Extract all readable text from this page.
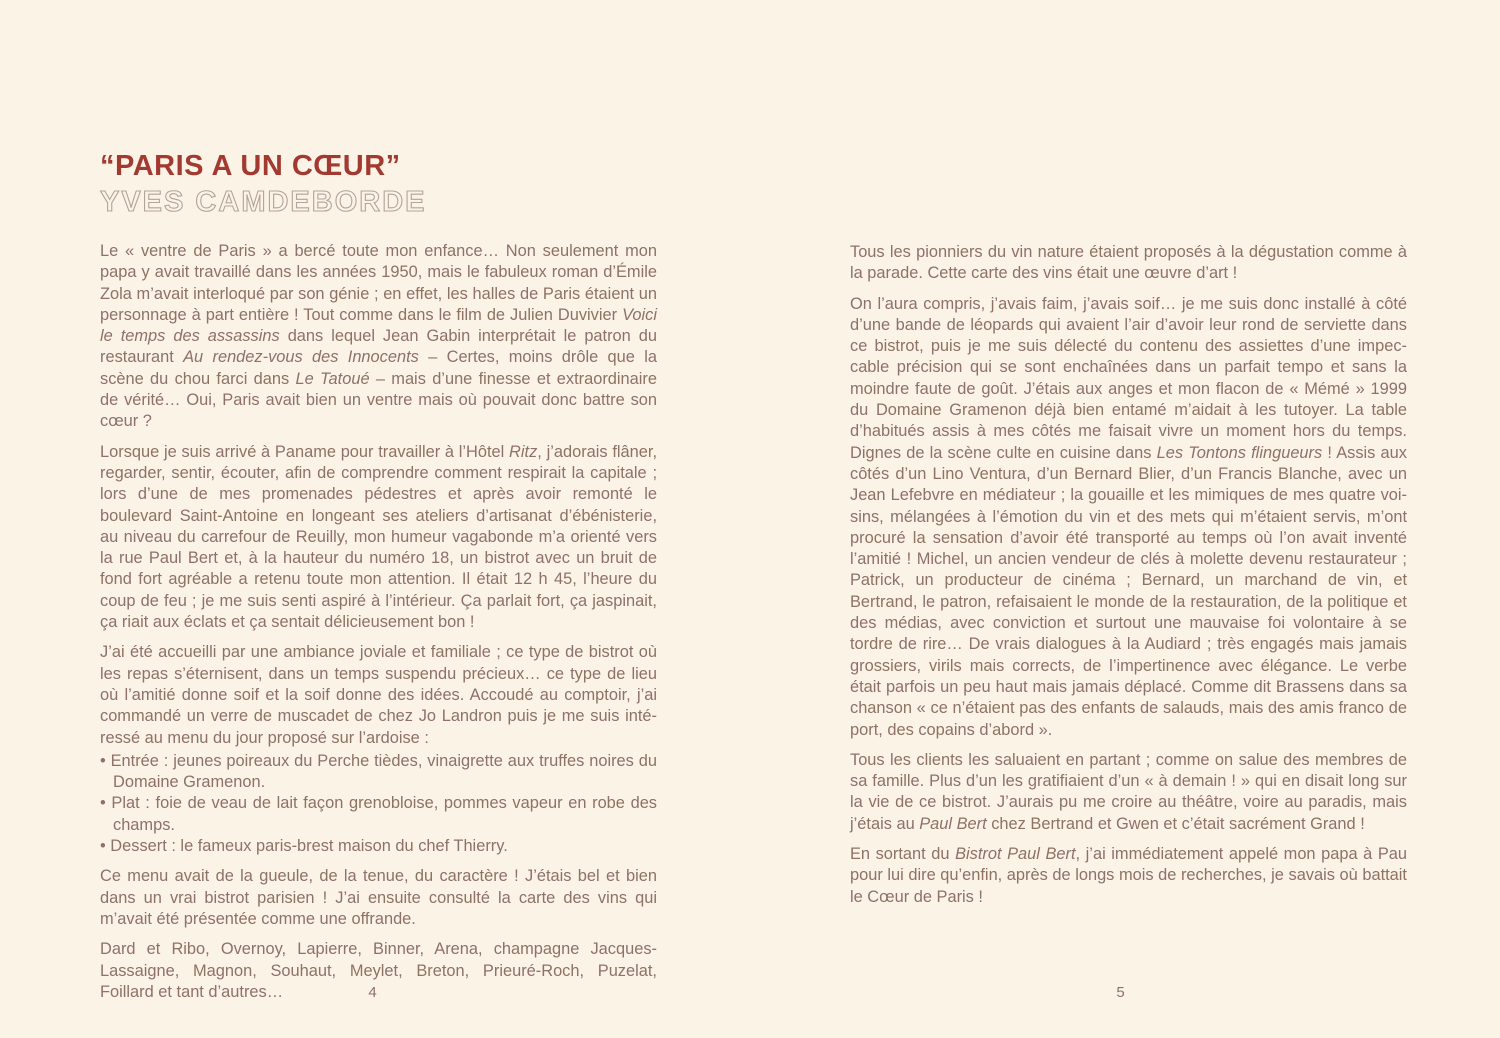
“PARIS A UN CŒUR”
YVES CAMDEBORDE

Le « ventre de Paris » a bercé toute mon enfance… Non seulement mon papa y avait travaillé dans les années 1950, mais le fabuleux roman d’Émile Zola m’avait interloqué par son génie ; en effet, les halles de Paris étaient un personnage à part entière ! Tout comme dans le film de Julien Duvivier Voici le temps des assassins dans lequel Jean Gabin interprétait le patron du restaurant Au rendez-vous des Innocents – Certes, moins drôle que la scène du chou farci dans Le Tatoué – mais d’une finesse et extraordinaire de vérité… Oui, Paris avait bien un ventre mais où pouvait donc battre son cœur ?

Lorsque je suis arrivé à Paname pour travailler à l’Hôtel Ritz, j’adorais flâner, regarder, sentir, écouter, afin de comprendre comment respirait la capitale ; lors d’une de mes promenades pédestres et après avoir remonté le boulevard Saint-Antoine en longeant ses ateliers d’artisanat d’ébénisterie, au niveau du carrefour de Reuilly, mon humeur vagabonde m’a orienté vers la rue Paul Bert et, à la hauteur du numéro 18, un bistrot avec un bruit de fond fort agréable a retenu toute mon attention. Il était 12 h 45, l’heure du coup de feu ; je me suis senti aspiré à l’intérieur. Ça parlait fort, ça jaspinait, ça riait aux éclats et ça sentait délicieusement bon !

J’ai été accueilli par une ambiance joviale et familiale ; ce type de bistrot où les repas s’éternisent, dans un temps suspendu précieux… ce type de lieu où l’amitié donne soif et la soif donne des idées. Accoudé au comptoir, j’ai commandé un verre de muscadet de chez Jo Landron puis je me suis intéressé au menu du jour proposé sur l’ardoise :

• Entrée : jeunes poireaux du Perche tièdes, vinaigrette aux truffes noires du Domaine Gramenon.

• Plat : foie de veau de lait façon grenobloise, pommes vapeur en robe des champs.

• Dessert : le fameux paris-brest maison du chef Thierry.

Ce menu avait de la gueule, de la tenue, du caractère ! J’étais bel et bien dans un vrai bistrot parisien ! J’ai ensuite consulté la carte des vins qui m’avait été présentée comme une offrande.

Dard et Ribo, Overnoy, Lapierre, Binner, Arena, champagne Jacques-Lassaigne, Magnon, Souhaut, Meylet, Breton, Prieuré-Roch, Puzelat, Foillard et tant d’autres…

Tous les pionniers du vin nature étaient proposés à la dégustation comme à la parade. Cette carte des vins était une œuvre d’art !

On l’aura compris, j’avais faim, j’avais soif… je me suis donc installé à côté d’une bande de léopards qui avaient l’air d’avoir leur rond de serviette dans ce bistrot, puis je me suis délecté du contenu des assiettes d’une impeccable précision qui se sont enchaînées dans un parfait tempo et sans la moindre faute de goût. J’étais aux anges et mon flacon de « Mémé » 1999 du Domaine Gramenon déjà bien entamé m’aidait à les tutoyer. La table d’habitués assis à mes côtés me faisait vivre un moment hors du temps. Dignes de la scène culte en cuisine dans Les Tontons flingueurs ! Assis aux côtés d’un Lino Ventura, d’un Bernard Blier, d’un Francis Blanche, avec un Jean Lefebvre en médiateur ; la gouaille et les mimiques de mes quatre voisins, mélangées à l’émotion du vin et des mets qui m’étaient servis, m’ont procuré la sensation d’avoir été transporté au temps où l’on avait inventé l’amitié ! Michel, un ancien vendeur de clés à molette devenu restaurateur ; Patrick, un producteur de cinéma ; Bernard, un marchand de vin, et Bertrand, le patron, refaisaient le monde de la restauration, de la politique et des médias, avec conviction et surtout une mauvaise foi volontaire à se tordre de rire… De vrais dialogues à la Audiard ; très engagés mais jamais grossiers, virils mais corrects, de l’impertinence avec élégance. Le verbe était parfois un peu haut mais jamais déplacé. Comme dit Brassens dans sa chanson « ce n’étaient pas des enfants de salauds, mais des amis franco de port, des copains d’abord ».

Tous les clients les saluaient en partant ; comme on salue des membres de sa famille. Plus d’un les gratifiaient d’un « à demain ! » qui en disait long sur la vie de ce bistrot. J’aurais pu me croire au théâtre, voire au paradis, mais j’étais au Paul Bert chez Bertrand et Gwen et c’était sacrément Grand !

En sortant du Bistrot Paul Bert, j’ai immédiatement appelé mon papa à Pau pour lui dire qu’enfin, après de longs mois de recherches, je savais où battait le Cœur de Paris !

4	5
